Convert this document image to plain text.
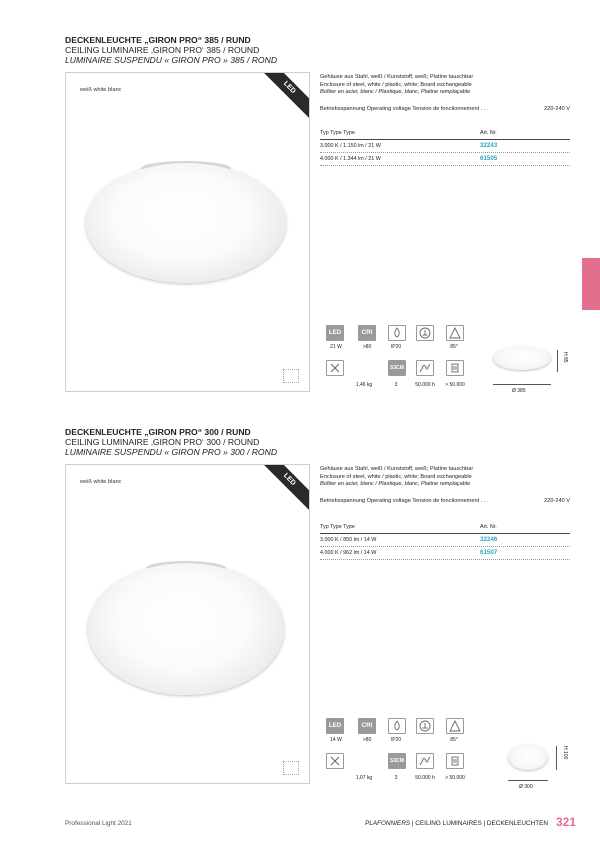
DECKENLEUCHTE „GIRON PRO“ 385 / RUND
CEILING LUMINAIRE ‚GIRON PRO‘ 385 / ROUND
LUMINAIRE SUSPENDU « GIRON PRO » 385 / ROND
weiß white blanc	LED
Gehäuse aus Stahl, weiß / Kunststoff, weiß; Platine tauschbar
Enclosure of steel, white / plastic, white; Board exchangeable
Boîtier en acier, blanc / Plastique, blanc; Platine remplaçable
Betriebsspannung Operating voltage Tension de fonctionnement . . .	220-240 V
Typ Type Type	Art. Nr.
3.000 K / 1.150 lm / 21 W	32243
4.000 K / 1.344 lm / 21 W	61505
LED	CRI
21 W	>80	IP20	85°
S3CM
1,46 kg	3	50.000 h	> 50.000
Ø 385
H 85
DECKENLEUCHTE „GIRON PRO“ 300 / RUND
CEILING LUMINAIRE ‚GIRON PRO‘ 300 / ROUND
LUMINAIRE SUSPENDU « GIRON PRO » 300 / ROND
weiß white blanc	LED
Gehäuse aus Stahl, weiß / Kunststoff, weiß; Platine tauschbar
Enclosure of steel, white / plastic, white; Board exchangeable
Boîtier en acier, blanc / Plastique, blanc; Platine remplaçable
Betriebsspannung Operating voltage Tension de fonctionnement . . .	220-240 V
Typ Type Type	Art. Nr.
3.000 K / 850 lm / 14 W	32246
4.000 K / 962 lm / 14 W	61507
LED	CRI
14 W	>80	IP20	85°
S3CM
1,07 kg	3	50.000 h	> 50.000
Ø 300
H 100
Professional Light 2021	PLAFONNIERS | CEILING LUMINAIRES | DECKENLEUCHTEN 321
